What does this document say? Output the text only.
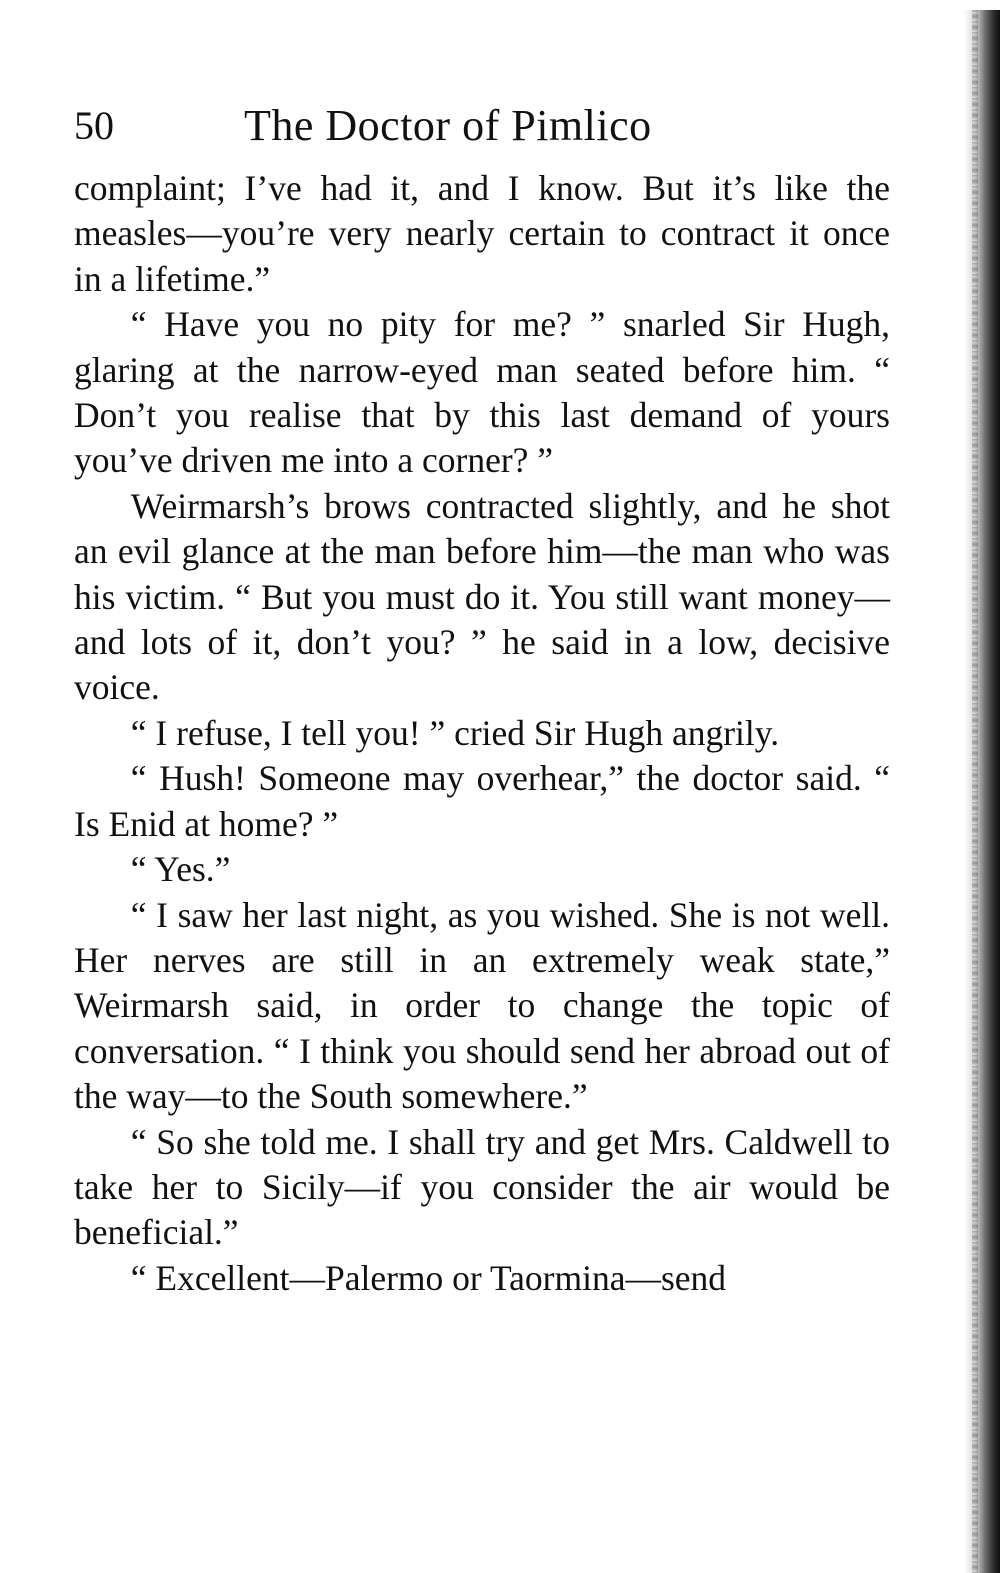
50	The Doctor of Pimlico

complaint; I’ve had it, and I know. But it’s like the measles—you’re very nearly certain to contract it once in a lifetime.”

“ Have you no pity for me? ” snarled Sir Hugh, glaring at the narrow-eyed man seated before him. “ Don’t you realise that by this last demand of yours you’ve driven me into a corner? ”

Weirmarsh’s brows contracted slightly, and he shot an evil glance at the man before him—the man who was his victim. “ But you must do it. You still want money—and lots of it, don’t you? ” he said in a low, decisive voice.

“ I refuse, I tell you! ” cried Sir Hugh angrily.

“ Hush! Someone may overhear,” the doctor said. “ Is Enid at home? ”

“ Yes.”

“ I saw her last night, as you wished. She is not well. Her nerves are still in an extremely weak state,” Weirmarsh said, in order to change the topic of conversation. “ I think you should send her abroad out of the way—to the South somewhere.”

“ So she told me. I shall try and get Mrs. Caldwell to take her to Sicily—if you consider the air would be beneficial.”

“ Excellent—Palermo or Taormina—send
